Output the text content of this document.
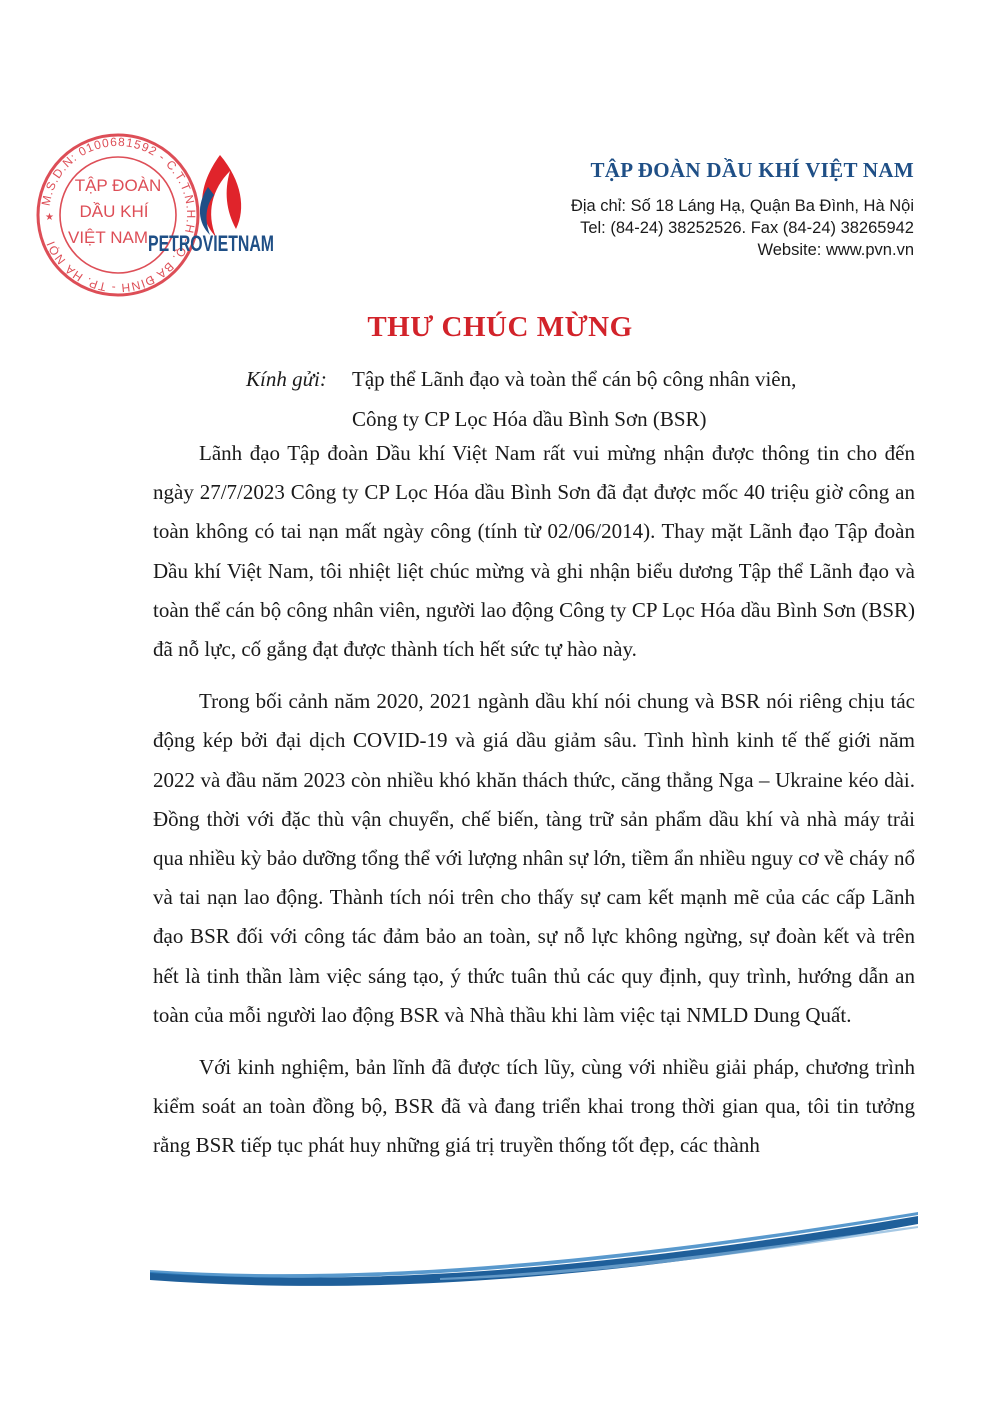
M.S.D.N: 0100681592 - C.T.T.N.H.H - Q. BA ĐÌNH - TP. HÀ NỘI
TẬP ĐOÀN
DẦU KHÍ
VIỆT NAM
★
PETROVIETNAM
TẬP ĐOÀN DẦU KHÍ VIỆT NAM
Địa chỉ: Số 18 Láng Hạ, Quận Ba Đình, Hà Nội
Tel: (84-24) 38252526. Fax (84-24) 38265942
Website: www.pvn.vn
THƯ CHÚC MỪNG
Kính gửi: Tập thể Lãnh đạo và toàn thể cán bộ công nhân viên,
Công ty CP Lọc Hóa dầu Bình Sơn (BSR)

Lãnh đạo Tập đoàn Dầu khí Việt Nam rất vui mừng nhận được thông tin cho đến ngày 27/7/2023 Công ty CP Lọc Hóa dầu Bình Sơn đã đạt được mốc 40 triệu giờ công an toàn không có tai nạn mất ngày công (tính từ 02/06/2014). Thay mặt Lãnh đạo Tập đoàn Dầu khí Việt Nam, tôi nhiệt liệt chúc mừng và ghi nhận biểu dương Tập thể Lãnh đạo và toàn thể cán bộ công nhân viên, người lao động Công ty CP Lọc Hóa dầu Bình Sơn (BSR) đã nỗ lực, cố gắng đạt được thành tích hết sức tự hào này.

Trong bối cảnh năm 2020, 2021 ngành dầu khí nói chung và BSR nói riêng chịu tác động kép bởi đại dịch COVID-19 và giá dầu giảm sâu. Tình hình kinh tế thế giới năm 2022 và đầu năm 2023 còn nhiều khó khăn thách thức, căng thẳng Nga – Ukraine kéo dài. Đồng thời với đặc thù vận chuyển, chế biến, tàng trữ sản phẩm dầu khí và nhà máy trải qua nhiều kỳ bảo dưỡng tổng thể với lượng nhân sự lớn, tiềm ẩn nhiều nguy cơ về cháy nổ và tai nạn lao động. Thành tích nói trên cho thấy sự cam kết mạnh mẽ của các cấp Lãnh đạo BSR đối với công tác đảm bảo an toàn, sự nỗ lực không ngừng, sự đoàn kết và trên hết là tinh thần làm việc sáng tạo, ý thức tuân thủ các quy định, quy trình, hướng dẫn an toàn của mỗi người lao động BSR và Nhà thầu khi làm việc tại NMLD Dung Quất.

Với kinh nghiệm, bản lĩnh đã được tích lũy, cùng với nhiều giải pháp, chương trình kiểm soát an toàn đồng bộ, BSR đã và đang triển khai trong thời gian qua, tôi tin tưởng rằng BSR tiếp tục phát huy những giá trị truyền thống tốt đẹp, các thành
